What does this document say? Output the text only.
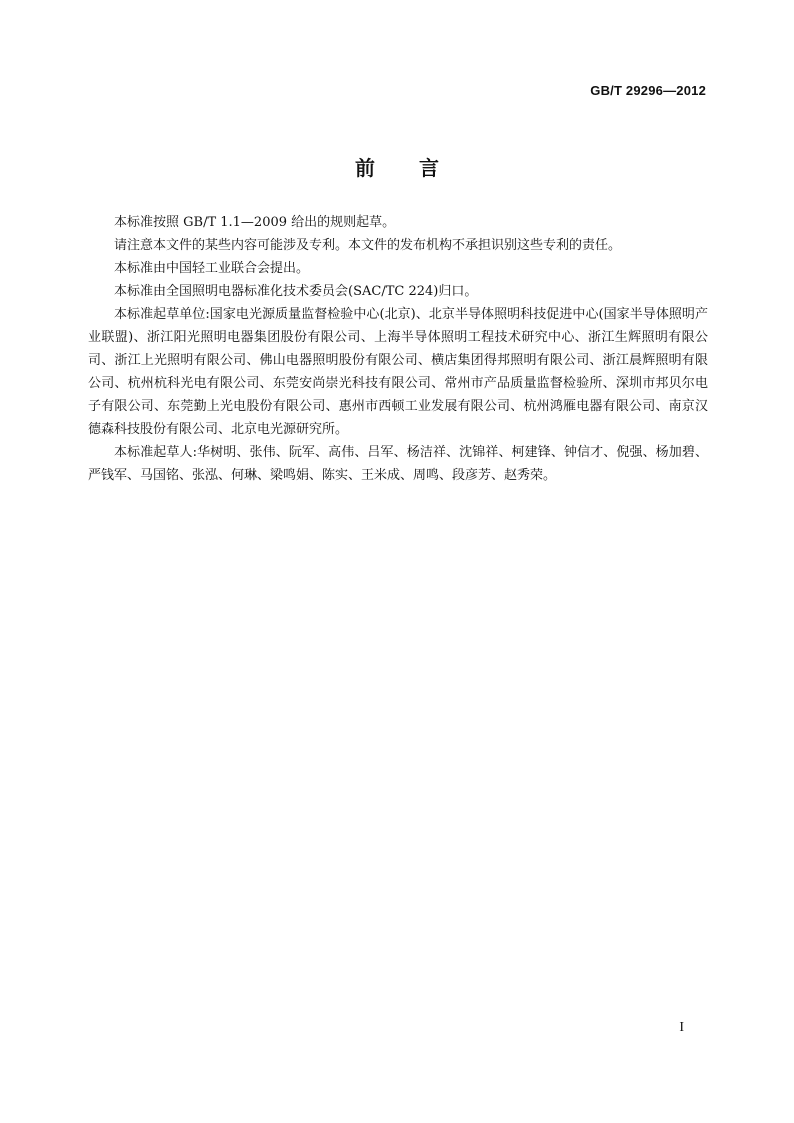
GB/T 29296—2012
前 言

本标准按照 GB/T 1.1—2009 给出的规则起草。

请注意本文件的某些内容可能涉及专利。本文件的发布机构不承担识别这些专利的责任。

本标准由中国轻工业联合会提出。

本标准由全国照明电器标准化技术委员会(SAC/TC 224)归口。

本标准起草单位:国家电光源质量监督检验中心(北京)、北京半导体照明科技促进中心(国家半导体照明产业联盟)、浙江阳光照明电器集团股份有限公司、上海半导体照明工程技术研究中心、浙江生辉照明有限公司、浙江上光照明有限公司、佛山电器照明股份有限公司、横店集团得邦照明有限公司、浙江晨辉照明有限公司、杭州杭科光电有限公司、东莞安尚崇光科技有限公司、常州市产品质量监督检验所、深圳市邦贝尔电子有限公司、东莞勤上光电股份有限公司、惠州市西顿工业发展有限公司、杭州鸿雁电器有限公司、南京汉德森科技股份有限公司、北京电光源研究所。

本标准起草人:华树明、张伟、阮军、高伟、吕军、杨洁祥、沈锦祥、柯建锋、钟信才、倪强、杨加碧、严钱军、马国铭、张泓、何琳、梁鸣娟、陈实、王米成、周鸣、段彦芳、赵秀荣。

I
